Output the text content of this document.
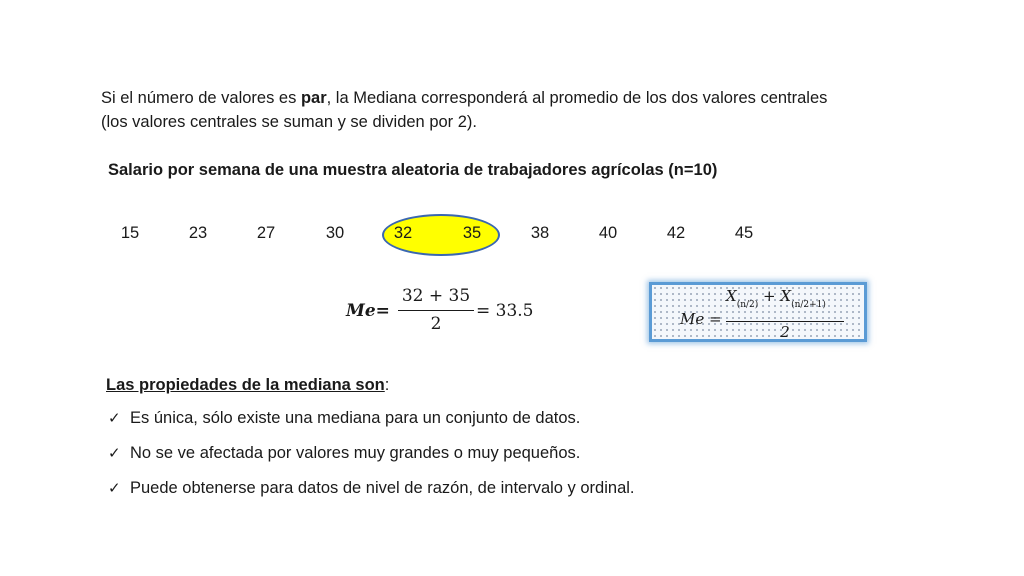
Si el número de valores es par, la Mediana corresponderá al promedio de los dos valores centrales
(los valores centrales se suman y se dividen por 2).
Salario por semana de una muestra aleatoria de trabajadores agrícolas (n=10)
15	23	27	30	32	35	38	40	42	45
𝑴𝒆=
32 + 35
2
= 33.5	Me =
$X_{(n/2)} + X_{(n/2+1)}$
2
Las propiedades de la mediana son:
✓ Es única, sólo existe una mediana para un conjunto de datos.
✓ No se ve afectada por valores muy grandes o muy pequeños.
✓ Puede obtenerse para datos de nivel de razón, de intervalo y ordinal.
